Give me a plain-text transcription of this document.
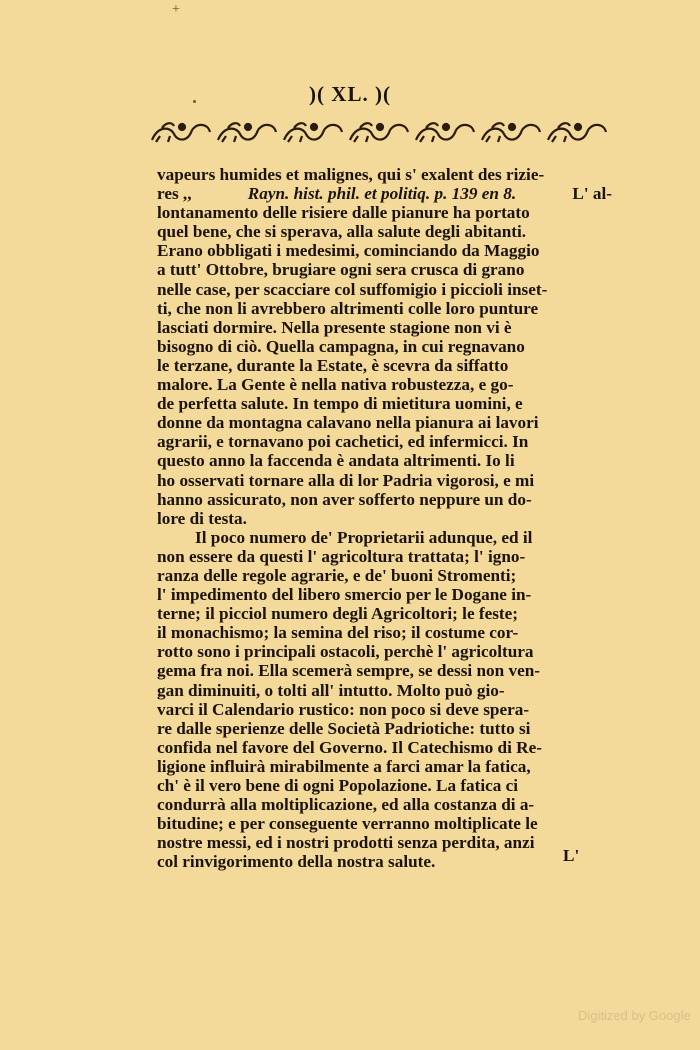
+
)( XL. )(
vapeurs humides et malignes, qui s' exalent des rizie-
res ,,	Rayn. hist. phil. et politiq. p. 139 en 8.	L' al-
lontanamento delle risiere dalle pianure ha portato
quel bene, che si sperava, alla salute degli abitanti.
Erano obbligati i medesimi, cominciando da Maggio
a tutt' Ottobre, brugiare ogni sera crusca di grano
nelle case, per scacciare col suffomigio i piccioli inset-
ti, che non li avrebbero altrimenti colle loro punture
lasciati dormire. Nella presente stagione non vi è
bisogno di ciò. Quella campagna, in cui regnavano
le terzane, durante la Estate, è scevra da siffatto
malore. La Gente è nella nativa robustezza, e go-
de perfetta salute. In tempo di mietitura uomini, e
donne da montagna calavano nella pianura ai lavori
agrarii, e tornavano poi cachetici, ed infermicci. In
questo anno la faccenda è andata altrimenti. Io li
ho osservati tornare alla di lor Padria vigorosi, e mi
hanno assicurato, non aver sofferto neppure un do-
lore di testa.
Il poco numero de' Proprietarii adunque, ed il
non essere da questi l' agricoltura trattata; l' igno-
ranza delle regole agrarie, e de' buoni Stromenti;
l' impedimento del libero smercio per le Dogane in-
terne; il picciol numero degli Agricoltori; le feste;
il monachismo; la semina del riso; il costume cor-
rotto sono i principali ostacoli, perchè l' agricoltura
gema fra noi. Ella scemerà sempre, se dessi non ven-
gan diminuiti, o tolti all' intutto. Molto può gio-
varci il Calendario rustico: non poco si deve spera-
re dalle sperienze delle Società Padriotiche: tutto si
confida nel favore del Governo. Il Catechismo di Re-
ligione influirà mirabilmente a farci amar la fatica,
ch' è il vero bene di ogni Popolazione. La fatica ci
condurrà alla moltiplicazione, ed alla costanza di a-
bitudine; e per conseguente verranno moltiplicate le
nostre messi, ed i nostri prodotti senza perdita, anzi
col rinvigorimento della nostra salute.	L'
Digitized by Google
